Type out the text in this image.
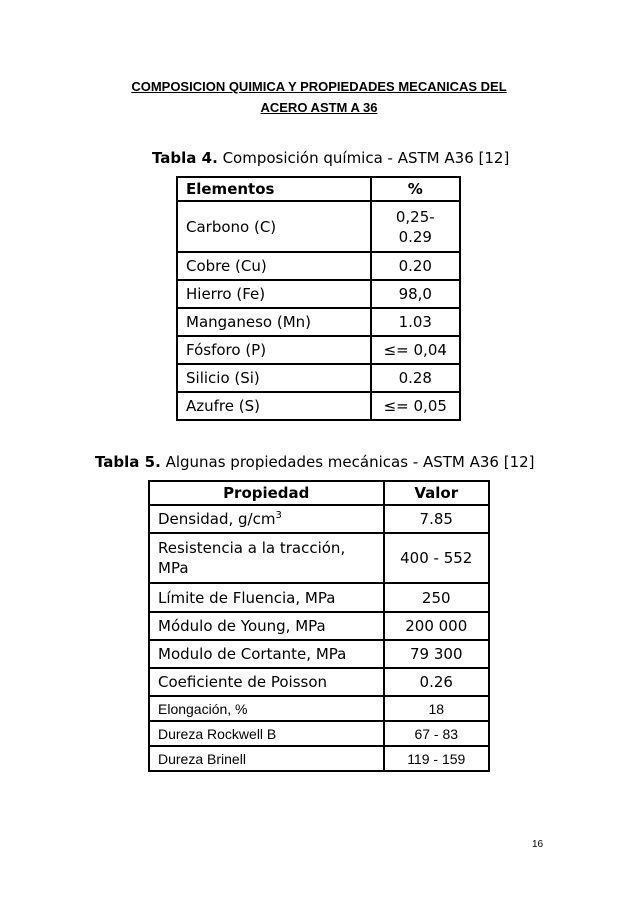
COMPOSICION QUIMICA Y PROPIEDADES MECANICAS DEL
ACERO ASTM A 36
Tabla 4. Composición química - ASTM A36 [12]
Elementos	%
Carbono (C)	0,25-
0.29

Cobre (Cu)	0.20
Hierro (Fe)	98,0
Manganeso (Mn)	1.03
Fósforo (P)	≤= 0,04
Silicio (Si)	0.28
Azufre (S)	≤= 0,05
Tabla 5. Algunas propiedades mecánicas - ASTM A36 [12]
Propiedad	Valor
Densidad, $g/cm^3$	7.85

Resistencia a la tracción,
MPa	400 - 552
Límite de Fluencia, MPa	250
Módulo de Young, MPa	200 000
Modulo de Cortante, MPa	79 300
Coeficiente de Poisson	0.26
Elongación, %	18
Dureza Rockwell B	67 - 83
Dureza Brinell	119 - 159
16
